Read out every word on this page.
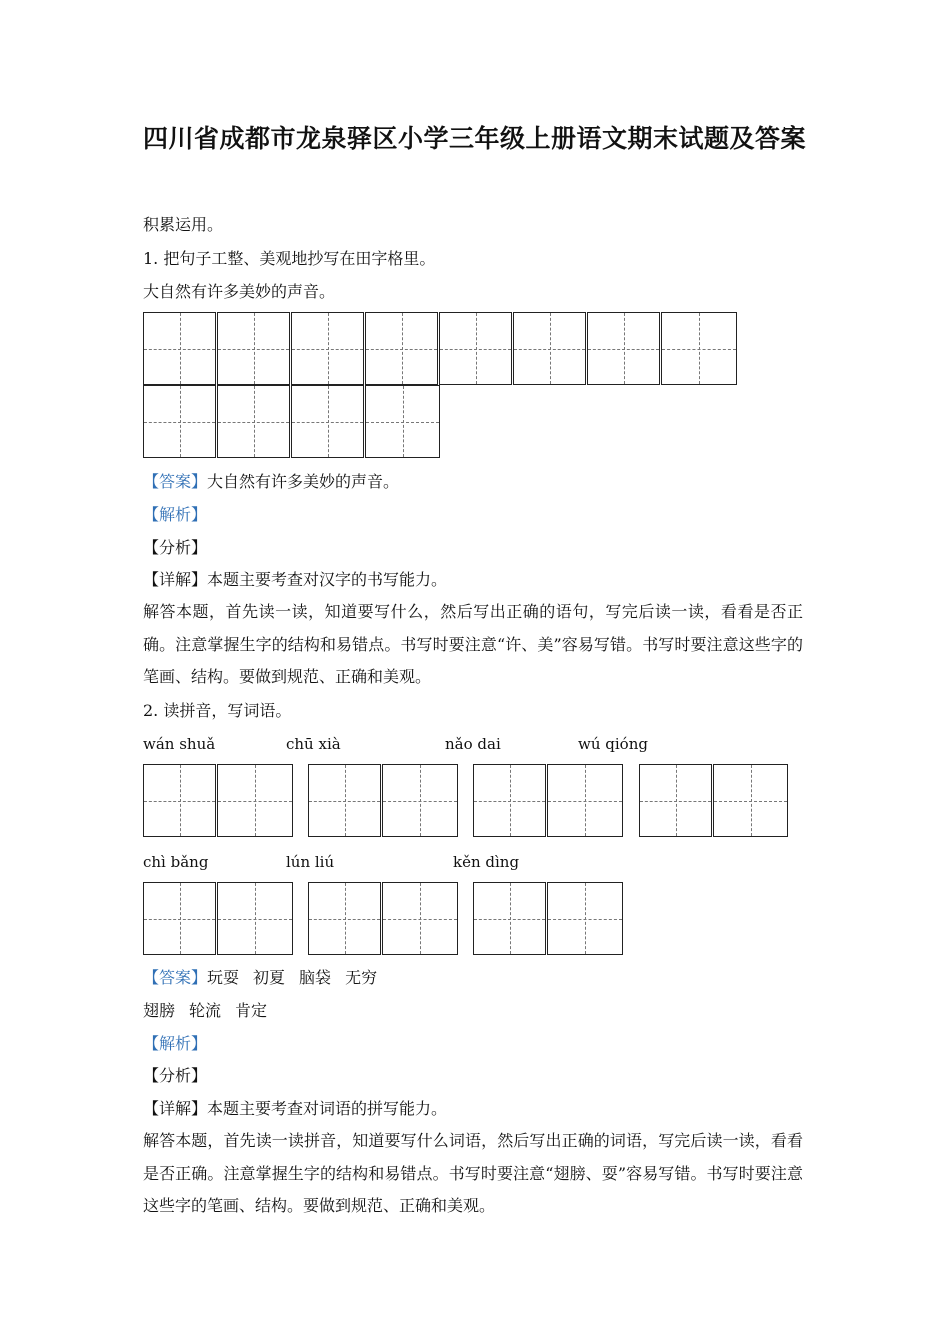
四川省成都市龙泉驿区小学三年级上册语文期末试题及答案
积累运用。
1. 把句子工整、美观地抄写在田字格里。
大自然有许多美妙的声音。
【答案】大自然有许多美妙的声音。
【解析】
【分析】
【详解】本题主要考查对汉字的书写能力。
解答本题，首先读一读，知道要写什么，然后写出正确的语句，写完后读一读，看看是否正确。注意掌握生字的结构和易错点。书写时要注意“许、美”容易写错。书写时要注意这些字的笔画、结构。要做到规范、正确和美观。
2. 读拼音，写词语。
wán shuǎ	chū xià	nǎo dai	wú qióng
chì bǎng	lún liú	kěn dìng
【答案】玩耍 初夏 脑袋 无穷
翅膀 轮流 肯定
【解析】
【分析】
【详解】本题主要考查对词语的拼写能力。
解答本题，首先读一读拼音，知道要写什么词语，然后写出正确的词语，写完后读一读，看看是否正确。注意掌握生字的结构和易错点。书写时要注意“翅膀、耍”容易写错。书写时要注意这些字的笔画、结构。要做到规范、正确和美观。
